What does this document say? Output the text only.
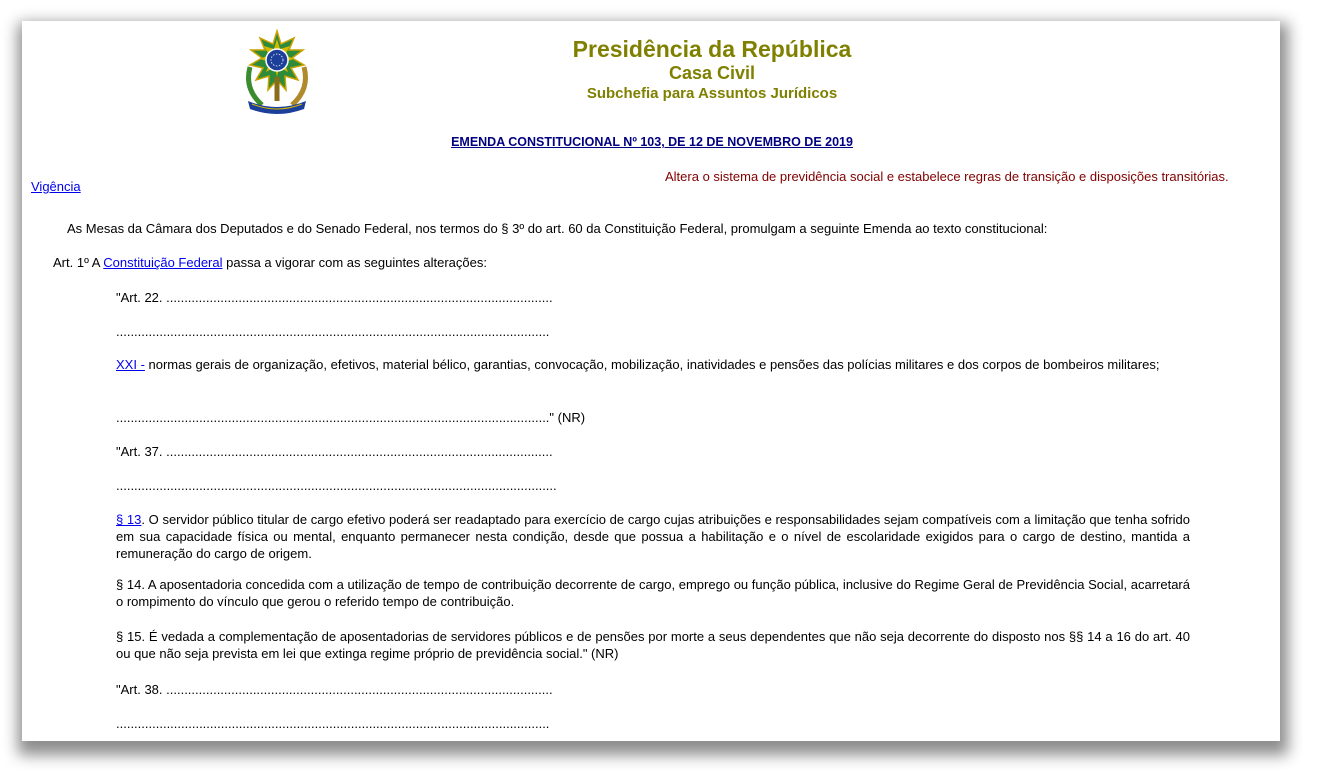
Presidência da República
Casa Civil
Subchefia para Assuntos Jurídicos
EMENDA CONSTITUCIONAL Nº 103, DE 12 DE NOVEMBRO DE 2019
Vigência
Altera o sistema de previdência social e estabelece regras de transição e disposições transitórias.
As Mesas da Câmara dos Deputados e do Senado Federal, nos termos do § 3º do art. 60 da Constituição Federal, promulgam a seguinte Emenda ao texto constitucional:
Art. 1º A Constituição Federal passa a vigorar com as seguintes alterações:
"Art. 22. ...........................................................................................................
........................................................................................................................
XXI - normas gerais de organização, efetivos, material bélico, garantias, convocação, mobilização, inatividades e pensões das polícias militares e dos corpos de bombeiros militares;
........................................................................................................................" (NR)
"Art. 37. ...........................................................................................................
..........................................................................................................................
§ 13. O servidor público titular de cargo efetivo poderá ser readaptado para exercício de cargo cujas atribuições e responsabilidades sejam compatíveis com a limitação que tenha sofrido em sua capacidade física ou mental, enquanto permanecer nesta condição, desde que possua a habilitação e o nível de escolaridade exigidos para o cargo de destino, mantida a remuneração do cargo de origem.
§ 14. A aposentadoria concedida com a utilização de tempo de contribuição decorrente de cargo, emprego ou função pública, inclusive do Regime Geral de Previdência Social, acarretará o rompimento do vínculo que gerou o referido tempo de contribuição.
§ 15. É vedada a complementação de aposentadorias de servidores públicos e de pensões por morte a seus dependentes que não seja decorrente do disposto nos §§ 14 a 16 do art. 40 ou que não seja prevista em lei que extinga regime próprio de previdência social." (NR)
"Art. 38. ...........................................................................................................
........................................................................................................................
